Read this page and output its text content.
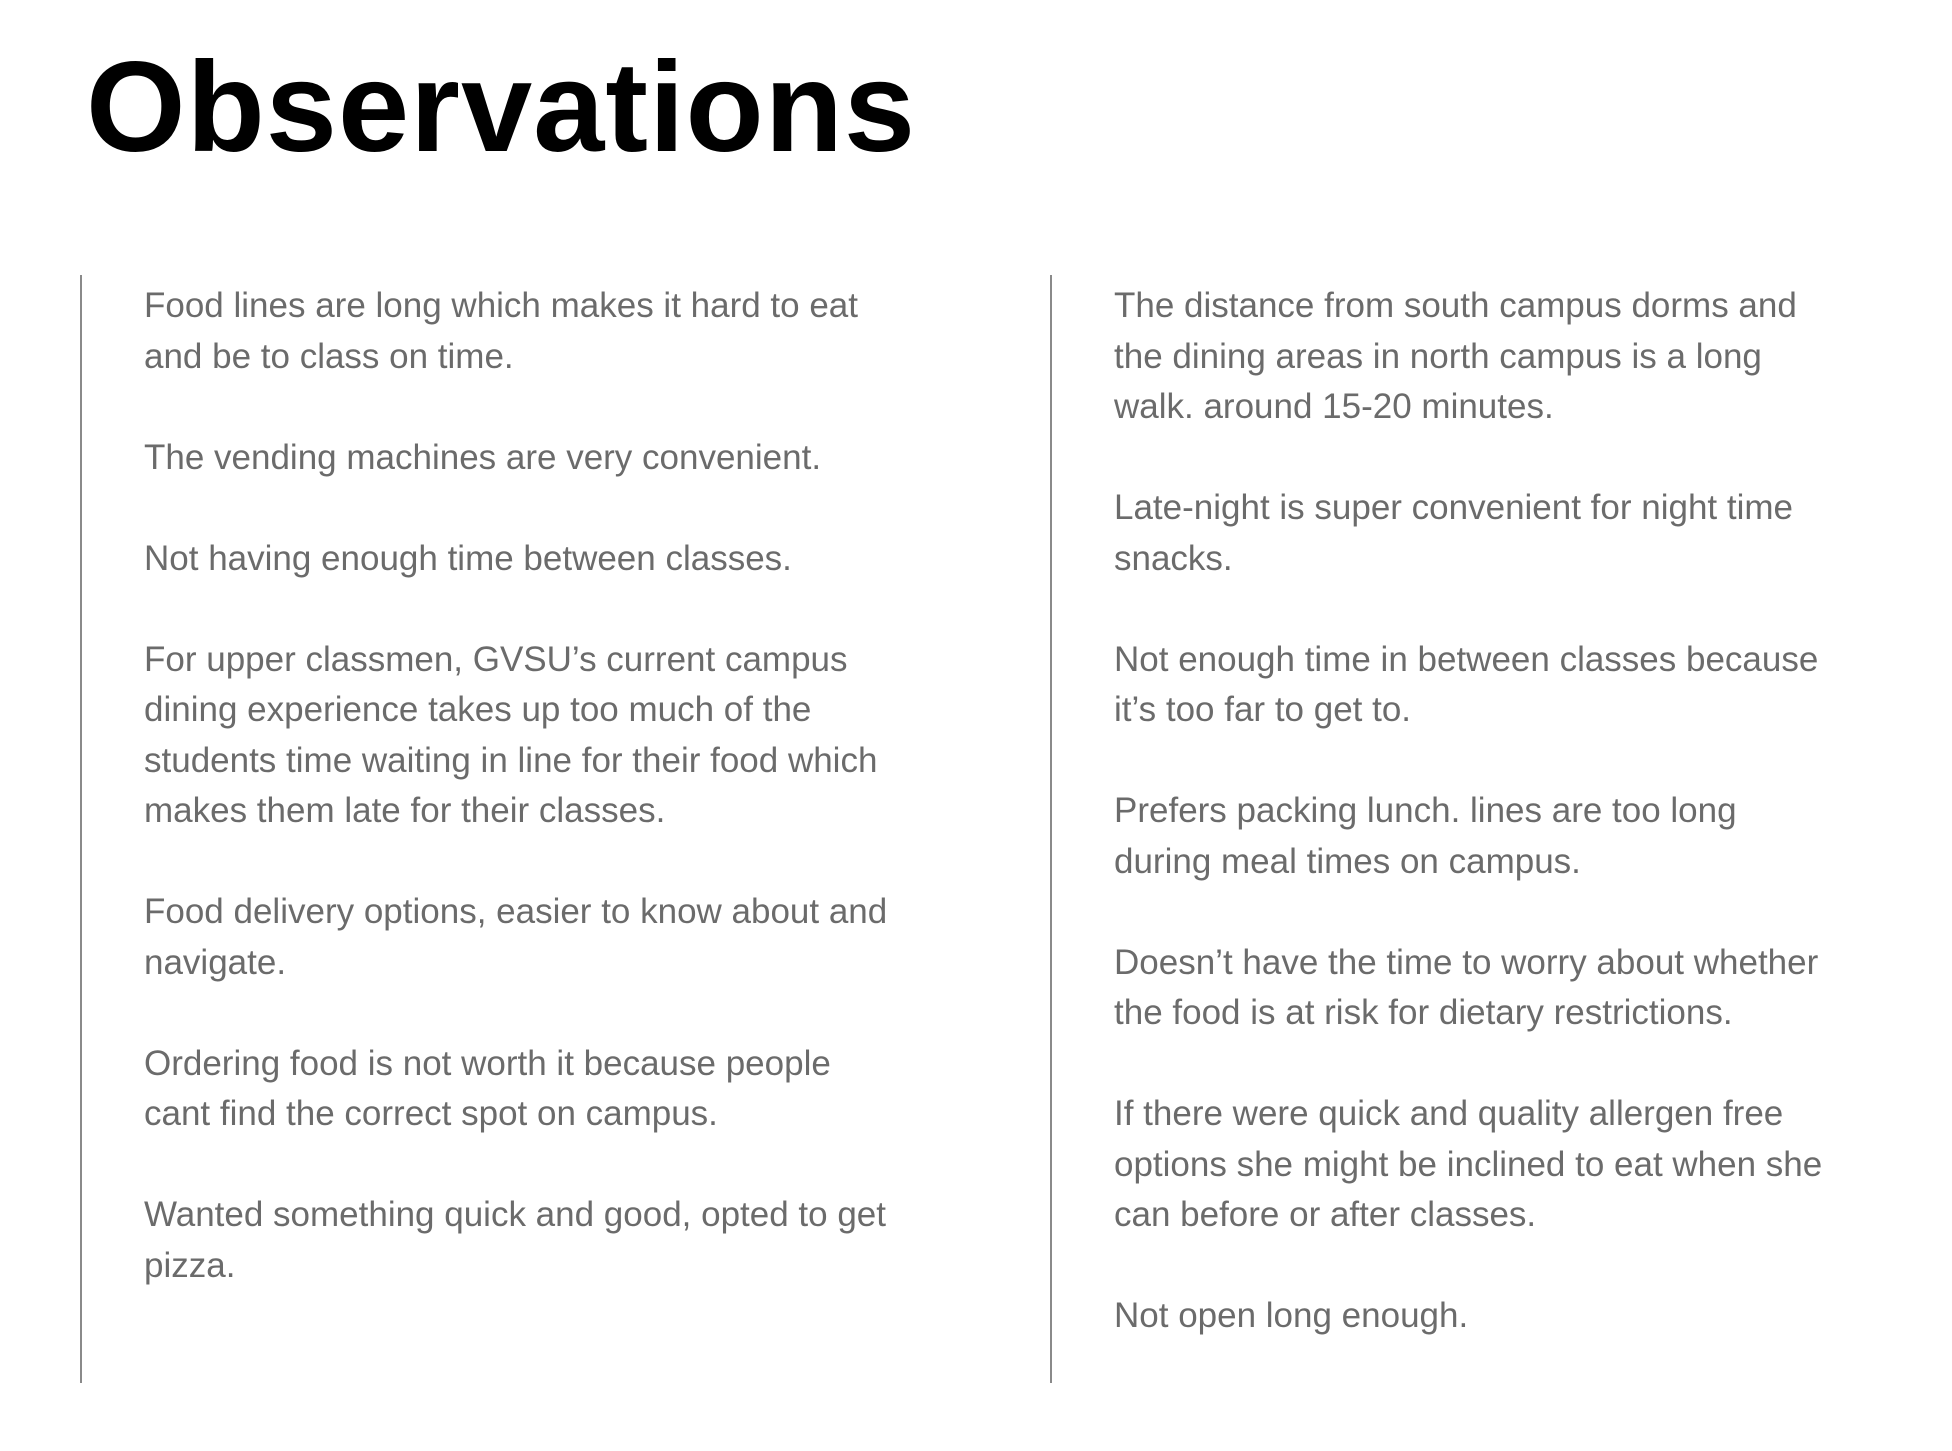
Observations

Food lines are long which makes it hard to eat
and be to class on time.

The vending machines are very convenient.

Not having enough time between classes.

For upper classmen, GVSU’s current campus
dining experience takes up too much of the
students time waiting in line for their food which
makes them late for their classes.

Food delivery options, easier to know about and
navigate.

Ordering food is not worth it because people
cant find the correct spot on campus.

Wanted something quick and good, opted to get
pizza.

The distance from south campus dorms and
the dining areas in north campus is a long
walk. around 15-20 minutes.

Late-night is super convenient for night time
snacks.

Not enough time in between classes because
it’s too far to get to.

Prefers packing lunch. lines are too long
during meal times on campus.

Doesn’t have the time to worry about whether
the food is at risk for dietary restrictions.

If there were quick and quality allergen free
options she might be inclined to eat when she
can before or after classes.

Not open long enough.
